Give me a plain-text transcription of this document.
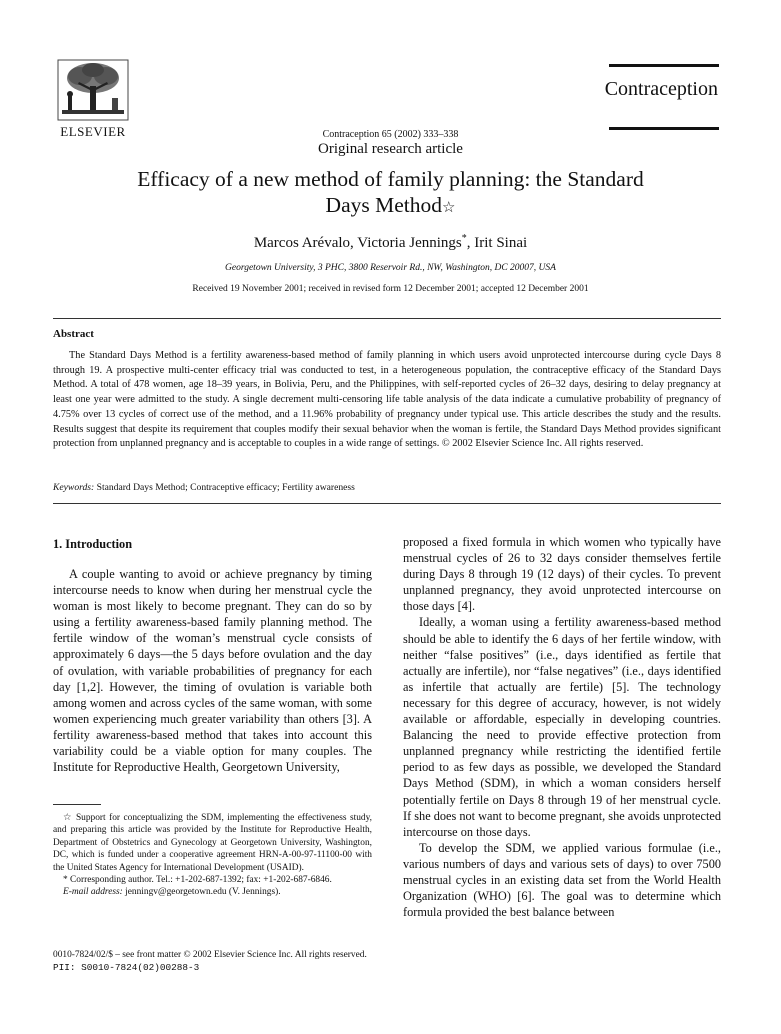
ELSEVIER
Contraception
Contraception 65 (2002) 333–338
Original research article
Efficacy of a new method of family planning: the Standard
Days Method☆
Marcos Arévalo, Victoria Jennings*, Irit Sinai
Georgetown University, 3 PHC, 3800 Reservoir Rd., NW, Washington, DC 20007, USA
Received 19 November 2001; received in revised form 12 December 2001; accepted 12 December 2001
Abstract

The Standard Days Method is a fertility awareness-based method of family planning in which users avoid unprotected intercourse during cycle Days 8 through 19. A prospective multi-center efficacy trial was conducted to test, in a heterogeneous population, the contraceptive efficacy of the Standard Days Method. A total of 478 women, age 18–39 years, in Bolivia, Peru, and the Philippines, with self-reported cycles of 26–32 days, desiring to delay pregnancy at least one year were admitted to the study. A single decrement multi-censoring life table analysis of the data indicate a cumulative probability of pregnancy of 4.75% over 13 cycles of correct use of the method, and a 11.96% probability of pregnancy under typical use. This article describes the study and the results. Results suggest that despite its requirement that couples modify their sexual behavior when the woman is fertile, the Standard Days Method provides significant protection from unplanned pregnancy and is acceptable to couples in a wide range of settings. © 2002 Elsevier Science Inc. All rights reserved.

Keywords: Standard Days Method; Contraceptive efficacy; Fertility awareness
1. Introduction

A couple wanting to avoid or achieve pregnancy by timing intercourse needs to know when during her menstrual cycle the woman is most likely to become pregnant. They can do so by using a fertility awareness-based family planning method. The fertile window of the woman’s menstrual cycle consists of approximately 6 days—the 5 days before ovulation and the day of ovulation, with variable probabilities of pregnancy for each day [1,2]. However, the timing of ovulation is variable both among women and across cycles of the same woman, with some women experiencing much greater variability than others [3]. A fertility awareness-based method that takes into account this variability could be a viable option for many couples. The Institute for Reproductive Health, Georgetown University,

proposed a fixed formula in which women who typically have menstrual cycles of 26 to 32 days consider themselves fertile during Days 8 through 19 (12 days) of their cycles. To prevent unplanned pregnancy, they avoid unprotected intercourse on those days [4].

Ideally, a woman using a fertility awareness-based method should be able to identify the 6 days of her fertile window, with neither “false positives” (i.e., days identified as fertile that actually are infertile), nor “false negatives” (i.e., days identified as infertile that actually are fertile) [5]. The technology necessary for this degree of accuracy, however, is not widely available or affordable, especially in developing countries. Balancing the need to provide effective protection from unplanned pregnancy while restricting the identified fertile period to as few days as possible, we developed the Standard Days Method (SDM), in which a woman considers herself potentially fertile on Days 8 through 19 of her menstrual cycle. If she does not want to become pregnant, she avoids unprotected intercourse on those days.

To develop the SDM, we applied various formulae (i.e., various numbers of days and various sets of days) to over 7500 menstrual cycles in an existing data set from the World Health Organization (WHO) [6]. The goal was to determine which formula provided the best balance between

☆ Support for conceptualizing the SDM, implementing the effectiveness study, and preparing this article was provided by the Institute for Reproductive Health, Department of Obstetrics and Gynecology at Georgetown University, Washington, DC, which is funded under a cooperative agreement HRN-A-00-97-11100-00 with the United States Agency for International Development (USAID).

* Corresponding author. Tel.: +1-202-687-1392; fax: +1-202-687-6846.

E-mail address: jenningv@georgetown.edu (V. Jennings).

0010-7824/02/$ – see front matter © 2002 Elsevier Science Inc. All rights reserved.
PII: S0010-7824(02)00288-3
